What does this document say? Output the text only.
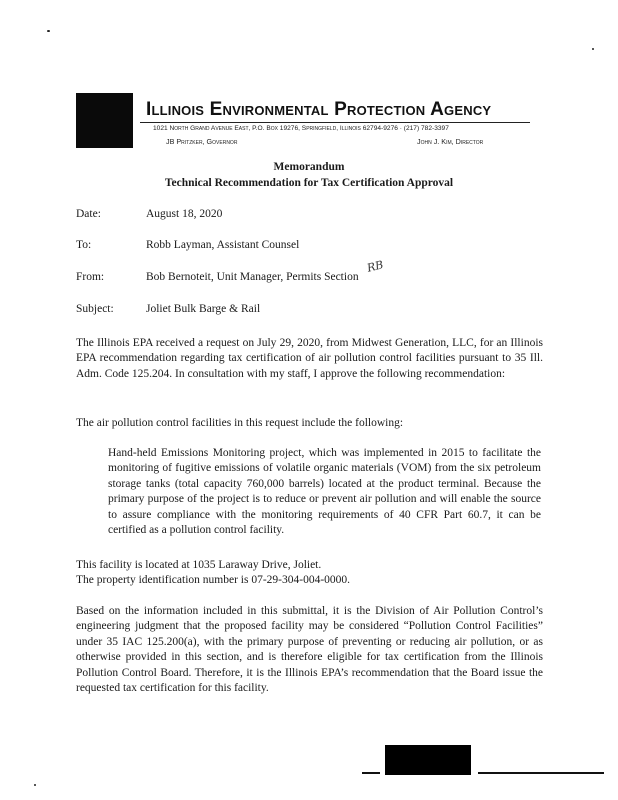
Illinois Environmental Protection Agency
1021 North Grand Avenue East, P.O. Box 19276, Springfield, Illinois 62794-9276 · (217) 782-3397
JB Pritzker, Governor	John J. Kim, Director
Memorandum
Technical Recommendation for Tax Certification Approval
Date:	August 18, 2020
To:	Robb Layman, Assistant Counsel
From:	Bob Bernoteit, Unit Manager, Permits Section
RB
Subject:	Joliet Bulk Barge & Rail

The Illinois EPA received a request on July 29, 2020, from Midwest Generation, LLC, for an Illinois EPA recommendation regarding tax certification of air pollution control facilities pursuant to 35 Ill. Adm. Code 125.204. In consultation with my staff, I approve the following recommendation:

The air pollution control facilities in this request include the following:

Hand-held Emissions Monitoring project, which was implemented in 2015 to facilitate the monitoring of fugitive emissions of volatile organic materials (VOM) from the six petroleum storage tanks (total capacity 760,000 barrels) located at the product terminal. Because the primary purpose of the project is to reduce or prevent air pollution and will enable the source to assure compliance with the monitoring requirements of 40 CFR Part 60.7, it can be certified as a pollution control facility.

This facility is located at 1035 Laraway Drive, Joliet.
The property identification number is 07-29-304-004-0000.

Based on the information included in this submittal, it is the Division of Air Pollution Control’s engineering judgment that the proposed facility may be considered “Pollution Control Facilities” under 35 IAC 125.200(a), with the primary purpose of preventing or reducing air pollution, or as otherwise provided in this section, and is therefore eligible for tax certification from the Illinois Pollution Control Board. Therefore, it is the Illinois EPA’s recommendation that the Board issue the requested tax certification for this facility.
